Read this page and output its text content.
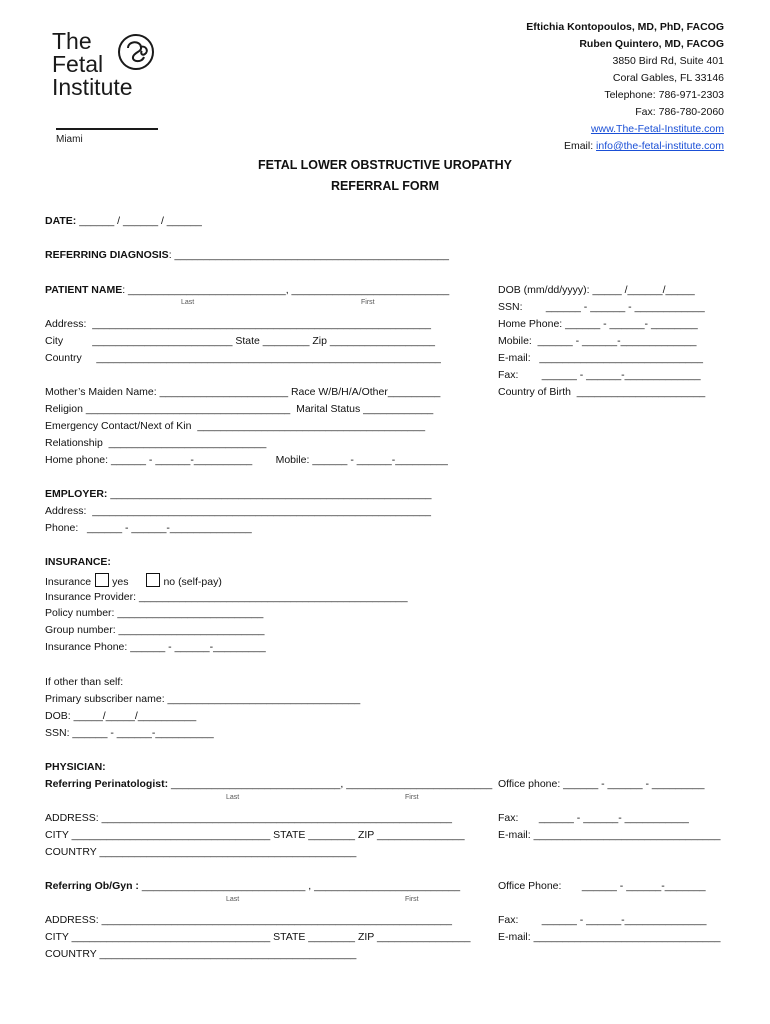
The
Fetal
Institute
Miami
Eftichia Kontopoulos, MD, PhD, FACOG
Ruben Quintero, MD, FACOG
3850 Bird Rd, Suite 401
Coral Gables, FL 33146
Telephone: 786-971-2303
Fax: 786-780-2060
www.The-Fetal-Institute.com
Email: info@the-fetal-institute.com
FETAL LOWER OBSTRUCTIVE UROPATHY
REFERRAL FORM
DATE: ______ / ______ / ______
REFERRING DIAGNOSIS: _______________________________________________
PATIENT NAME: ___________________________, ___________________________
Last	First
Address:  __________________________________________________________
City          ________________________ State ________ Zip __________________
Country     ___________________________________________________________
Mother’s Maiden Name: ______________________ Race W/B/H/A/Other_________
Religion ___________________________________  Marital Status ____________
Emergency Contact/Next of Kin  _______________________________________
Relationship  ___________________________
Home phone: ______ - ______-__________        Mobile: ______ - ______-_________
DOB (mm/dd/yyyy): _____ /______/_____
SSN:        ______ - ______ - ____________
Home Phone: ______ - ______- ________
Mobile:  ______ - ______-_____________
E-mail:   ____________________________
Fax:        ______ - ______-_____________
Country of Birth  ______________________
EMPLOYER: _______________________________________________________
Address:  __________________________________________________________
Phone:   ______ - ______-______________
INSURANCE:
Insurance yes	no (self-pay)
Insurance Provider: ______________________________________________
Policy number: _________________________
Group number: _________________________
Insurance Phone: ______ - ______-_________
If other than self:
Primary subscriber name: _________________________________
DOB: _____/_____/__________
SSN: ______ - ______-__________
PHYSICIAN:
Referring Perinatologist: _____________________________, _________________________
Last	First
Office phone: ______ - ______ - _________
ADDRESS: ____________________________________________________________
CITY __________________________________ STATE ________ ZIP _______________
COUNTRY ____________________________________________
Fax:       ______ - ______- ___________
E-mail: ________________________________
Referring Ob/Gyn : ____________________________ , _________________________
Last	First
Office Phone:       ______ - ______-_______
ADDRESS: ____________________________________________________________
CITY __________________________________ STATE ________ ZIP ________________
COUNTRY ____________________________________________
Fax:        ______ - ______-______________
E-mail: ________________________________
